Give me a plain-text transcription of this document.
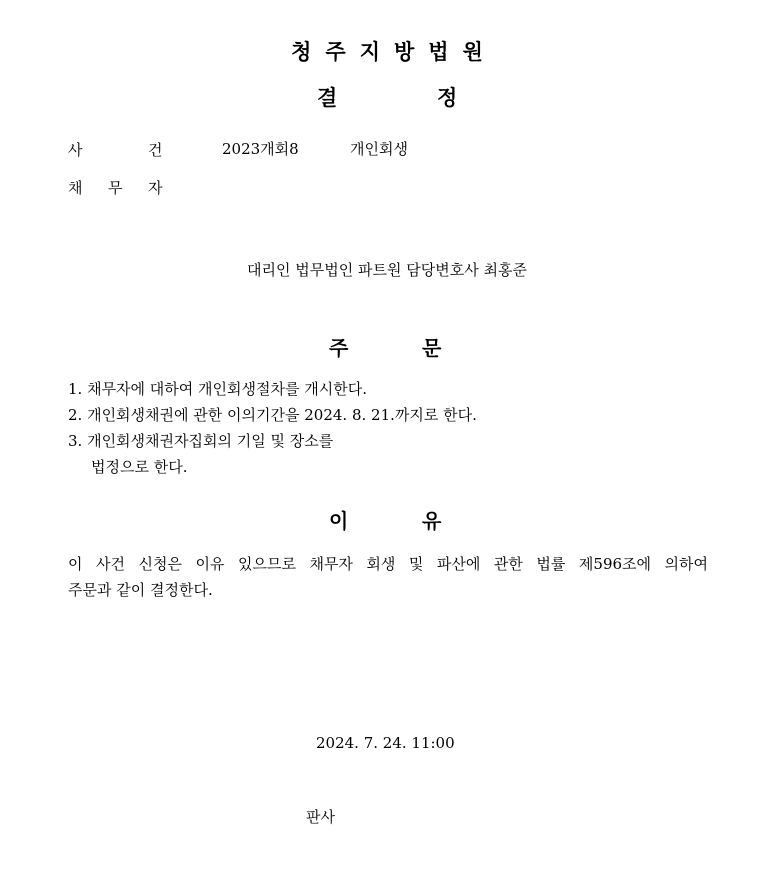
청주지방법원
결	정
사	건	2023개회8	개인회생
채 무 자
대리인 법무법인 파트원 담당변호사 최홍준
주	문
1. 채무자에 대하여 개인회생절차를 개시한다.
2. 개인회생채권에 관한 이의기간을 2024. 8. 21.까지로 한다.
3. 개인회생채권자집회의 기일 및 장소를
법정으로 한다.
이	유
이 사건 신청은 이유 있으므로 채무자 회생 및 파산에 관한 법률 제596조에 의하여
주문과 같이 결정한다.
2024. 7. 24. 11:00
판사
